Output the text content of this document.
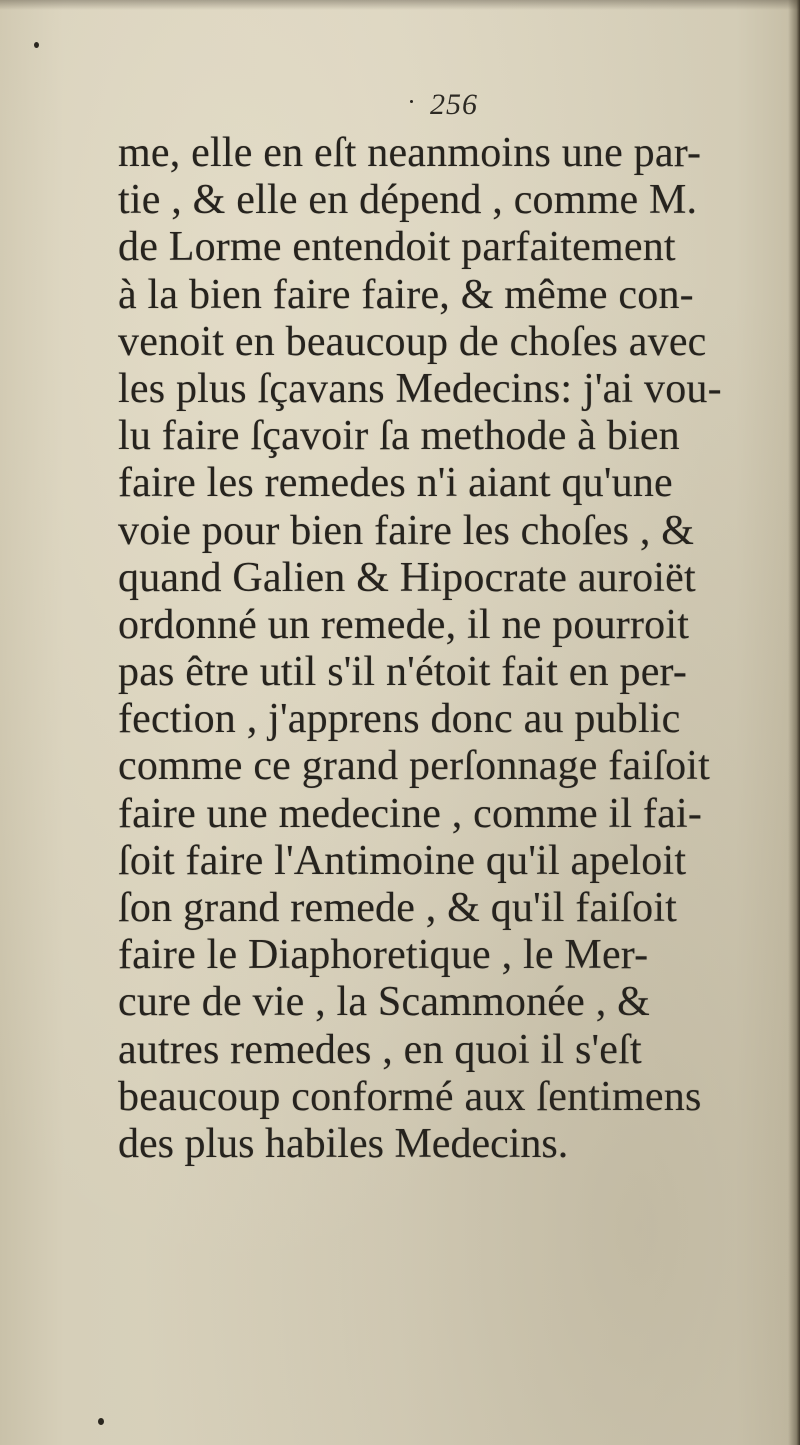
256
me, elle en eſt neanmoins une par-
tie , & elle en dépend , comme M.
de Lorme entendoit parfaitement
à la bien faire faire, & même con-
venoit en beaucoup de choſes avec
les plus ſçavans Medecins: j'ai vou-
lu faire ſçavoir ſa methode à bien
faire les remedes n'i aiant qu'une
voie pour bien faire les choſes , &
quand Galien & Hipocrate auroiët
ordonné un remede, il ne pourroit
pas être util s'il n'étoit fait en per-
fection , j'apprens donc au public
comme ce grand perſonnage faiſoit
faire une medecine , comme il fai-
ſoit faire l'Antimoine qu'il apeloit
ſon grand remede , & qu'il faiſoit
faire le Diaphoretique , le Mer-
cure de vie , la Scammonée , &
autres remedes , en quoi il s'eſt
beaucoup conformé aux ſentimens
des plus habiles Medecins.
